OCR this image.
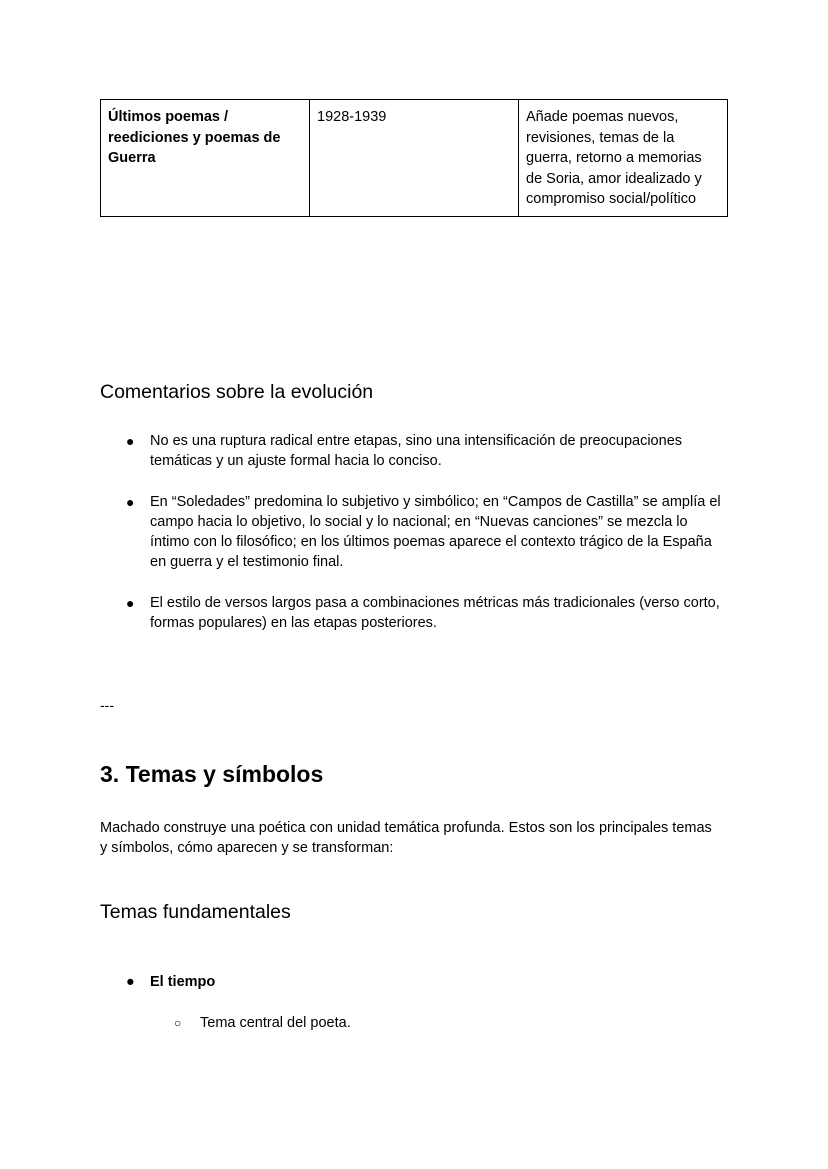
Últimos poemas / reediciones y poemas de Guerra	1928-1939	Añade poemas nuevos, revisiones, temas de la guerra, retorno a memorias de Soria, amor idealizado y compromiso social/político
Comentarios sobre la evolución
● No es una ruptura radical entre etapas, sino una intensificación de preocupaciones temáticas y un ajuste formal hacia lo conciso.
● En “Soledades” predomina lo subjetivo y simbólico; en “Campos de Castilla” se amplía el campo hacia lo objetivo, lo social y lo nacional; en “Nuevas canciones” se mezcla lo íntimo con lo filosófico; en los últimos poemas aparece el contexto trágico de la España en guerra y el testimonio final.
● El estilo de versos largos pasa a combinaciones métricas más tradicionales (verso corto, formas populares) en las etapas posteriores.
---
3. Temas y símbolos

Machado construye una poética con unidad temática profunda. Estos son los principales temas y símbolos, cómo aparecen y se transforman:

Temas fundamentales
● El tiempo
○ Tema central del poeta.
